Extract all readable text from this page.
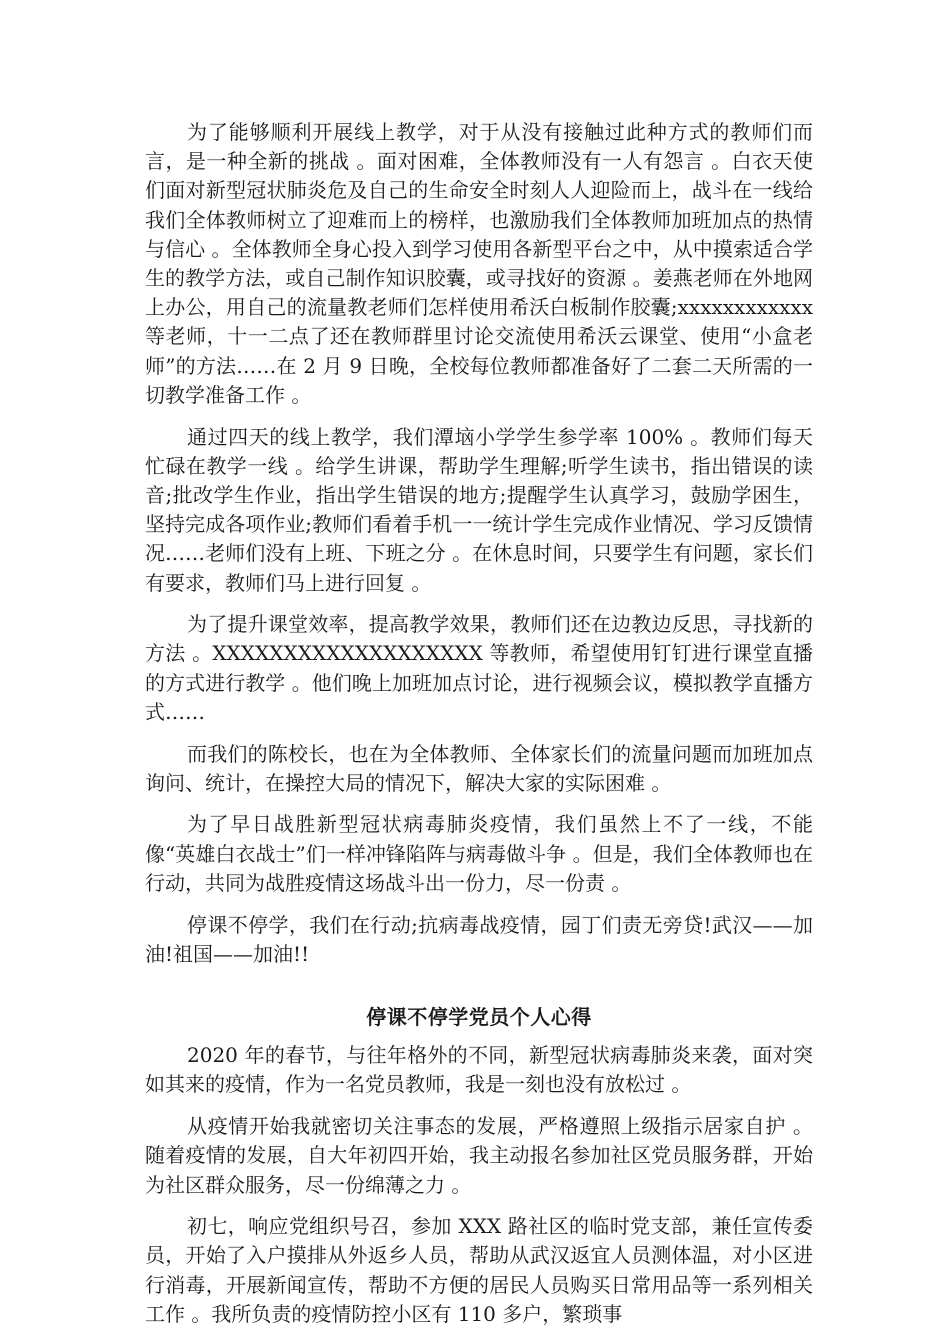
为了能够顺利开展线上教学，对于从没有接触过此种方式的教师们而言，是一种全新的挑战 。面对困难，全体教师没有一人有怨言 。白衣天使们面对新型冠状肺炎危及自己的生命安全时刻人人迎险而上，战斗在一线给我们全体教师树立了迎难而上的榜样，也激励我们全体教师加班加点的热情与信心 。全体教师全身心投入到学习使用各新型平台之中，从中摸索适合学生的教学方法，或自己制作知识胶囊，或寻找好的资源 。姜燕老师在外地网上办公，用自己的流量教老师们怎样使用希沃白板制作胶囊;xxxxxxxxxxxx 等老师，十一二点了还在教师群里讨论交流使用希沃云课堂、使用“小盒老师”的方法……在 2 月 9 日晚，全校每位教师都准备好了二套二天所需的一切教学准备工作 。

通过四天的线上教学，我们潭垴小学学生参学率 100% 。教师们每天忙碌在教学一线 。给学生讲课，帮助学生理解;听学生读书，指出错误的读音;批改学生作业，指出学生错误的地方;提醒学生认真学习，鼓励学困生，坚持完成各项作业;教师们看着手机一一统计学生完成作业情况、学习反馈情况……老师们没有上班、下班之分 。在休息时间，只要学生有问题，家长们有要求，教师们马上进行回复 。

为了提升课堂效率，提高教学效果，教师们还在边教边反思，寻找新的方法 。XXXXXXXXXXXXXXXXXXX 等教师，希望使用钉钉进行课堂直播的方式进行教学 。他们晚上加班加点讨论，进行视频会议，模拟教学直播方式……

而我们的陈校长，也在为全体教师、全体家长们的流量问题而加班加点询问、统计，在操控大局的情况下，解决大家的实际困难 。

为了早日战胜新型冠状病毒肺炎疫情，我们虽然上不了一线，不能像“英雄白衣战士”们一样冲锋陷阵与病毒做斗争 。但是，我们全体教师也在行动，共同为战胜疫情这场战斗出一份力，尽一份责 。

停课不停学，我们在行动;抗病毒战疫情，园丁们责无旁贷!武汉——加油!祖国——加油!!

停课不停学党员个人心得

2020 年的春节，与往年格外的不同，新型冠状病毒肺炎来袭，面对突如其来的疫情，作为一名党员教师，我是一刻也没有放松过 。

从疫情开始我就密切关注事态的发展，严格遵照上级指示居家自护 。随着疫情的发展，自大年初四开始，我主动报名参加社区党员服务群，开始为社区群众服务，尽一份绵薄之力 。

初七，响应党组织号召，参加 XXX 路社区的临时党支部，兼任宣传委员，开始了入户摸排从外返乡人员，帮助从武汉返宜人员测体温，对小区进行消毒，开展新闻宣传，帮助不方便的居民人员购买日常用品等一系列相关工作 。我所负责的疫情防控小区有 110 多户，繁琐事
